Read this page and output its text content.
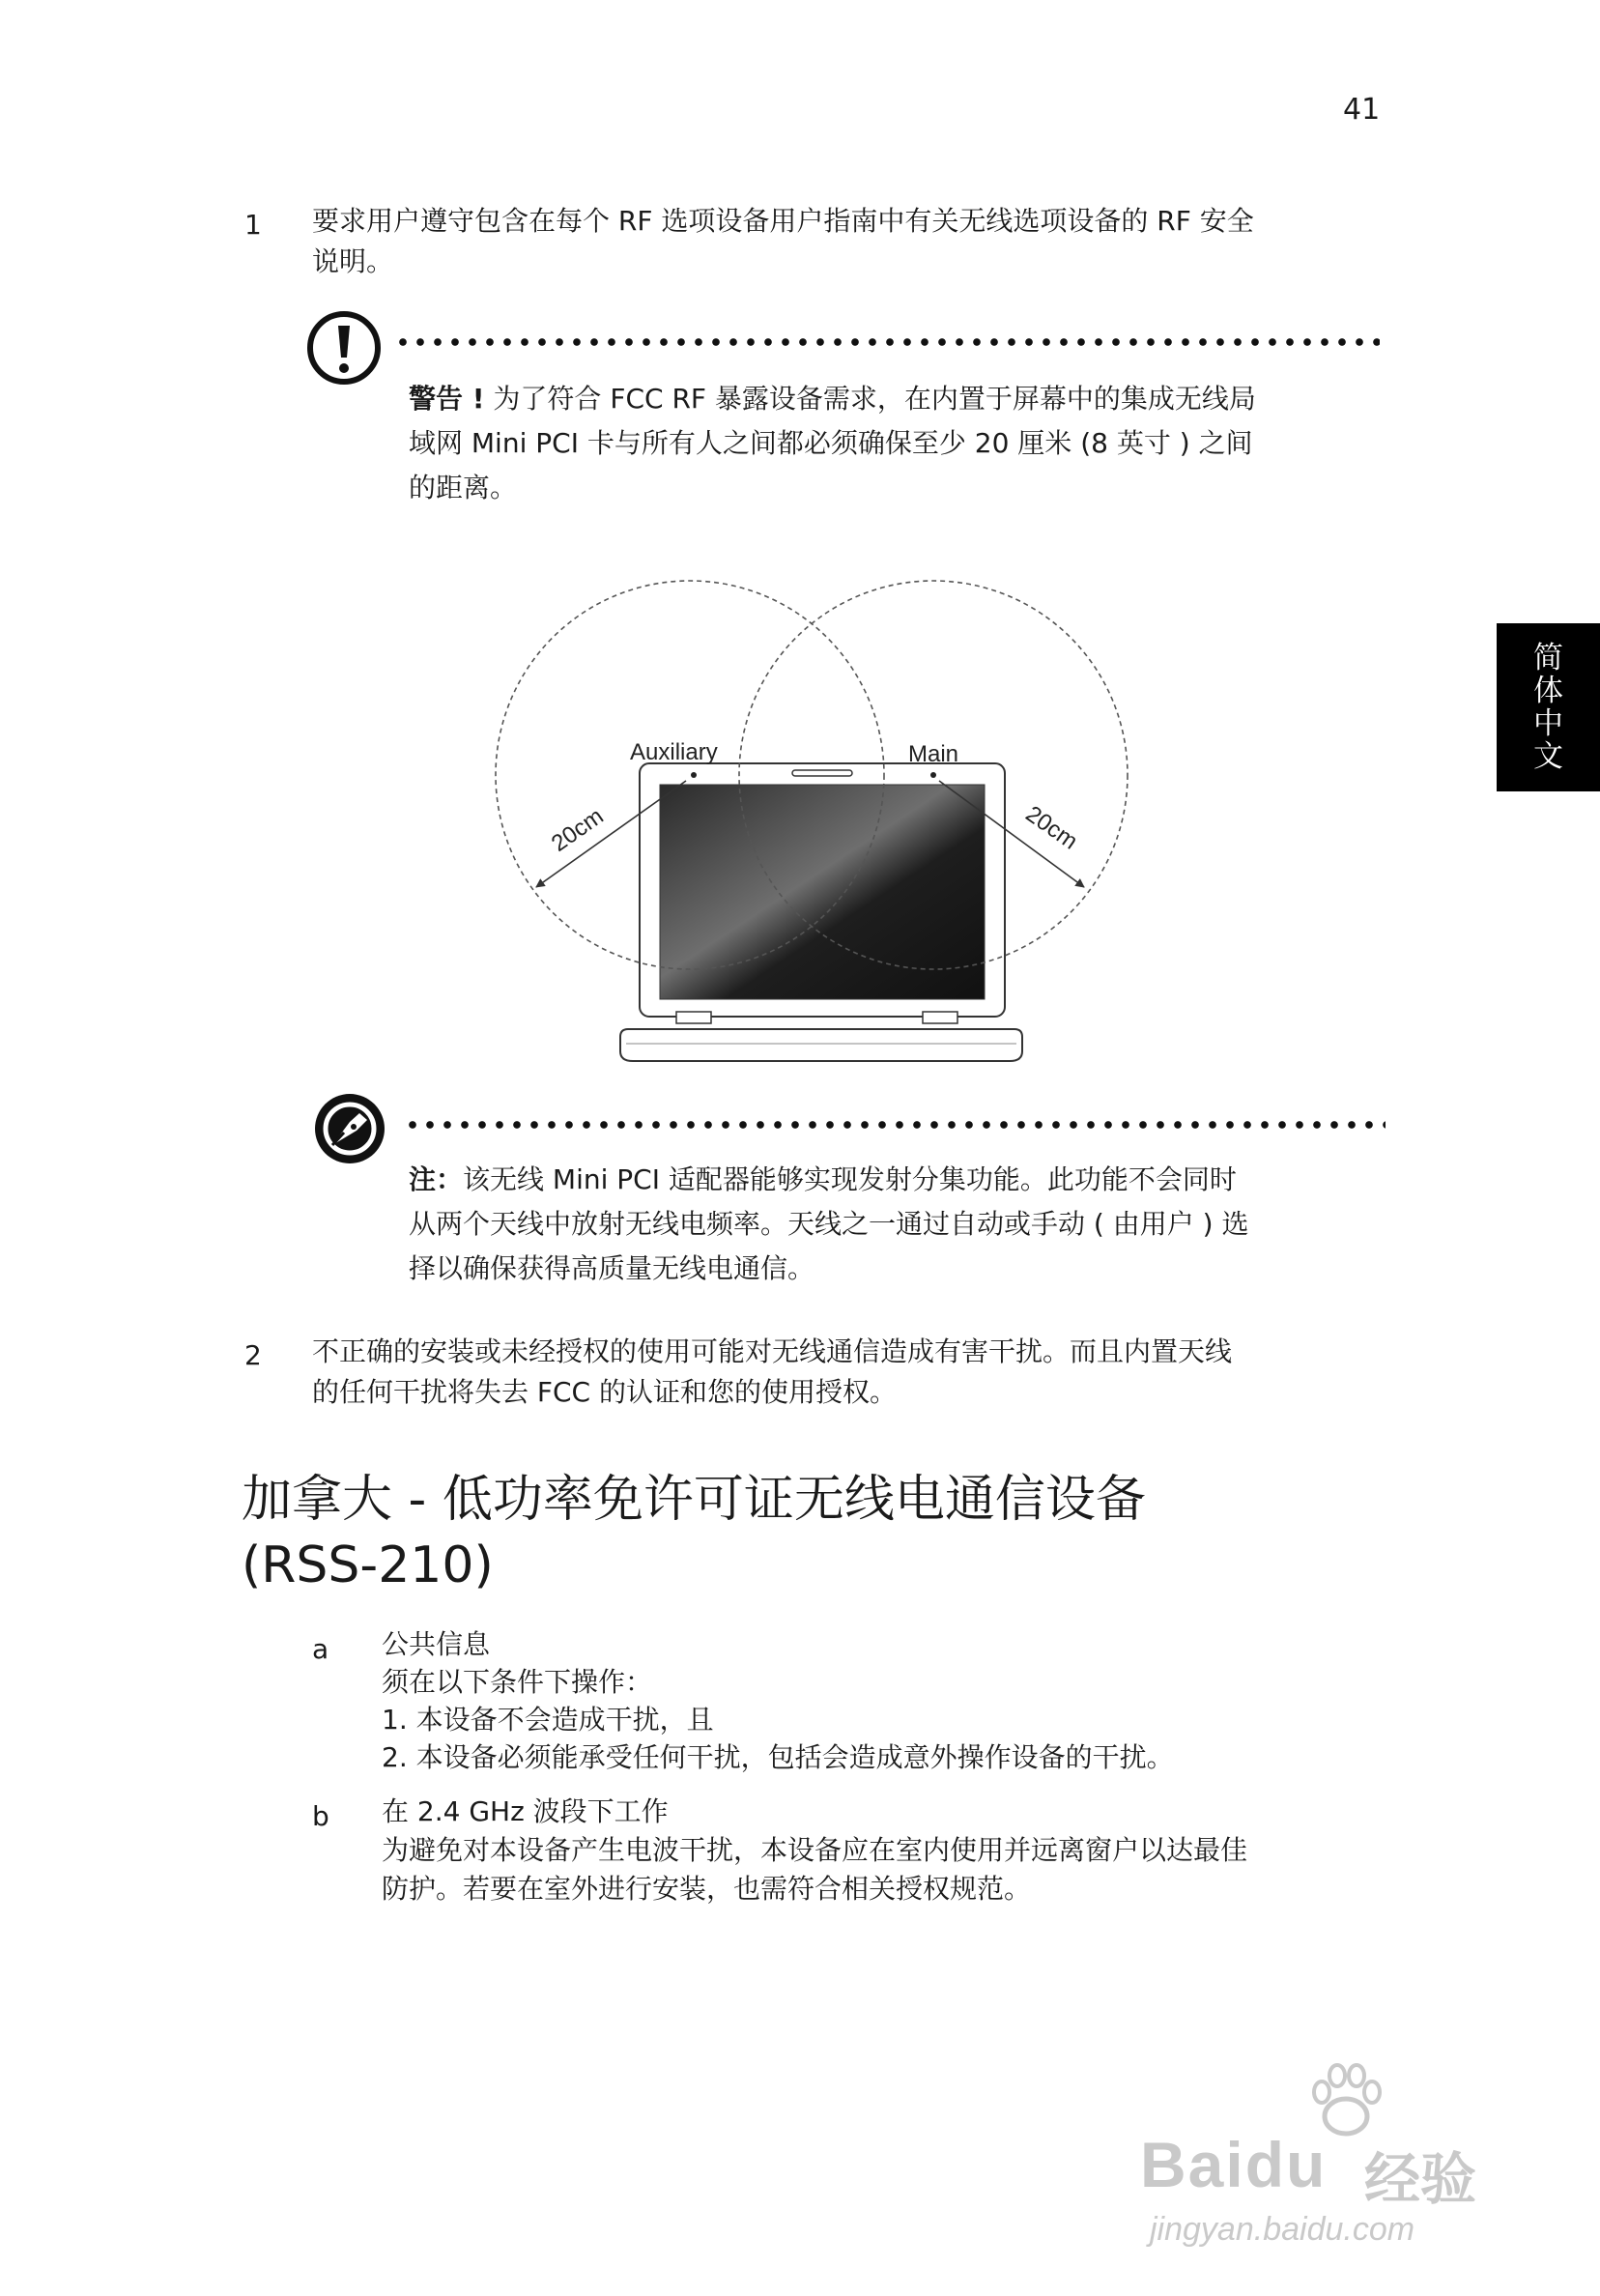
41
简体中文
1 要求用户遵守包含在每个 RF 选项设备用户指南中有关无线选项设备的 RF 安全
说明。
警告 ! 为了符合 FCC RF 暴露设备需求，在内置于屏幕中的集成无线局
域网 Mini PCI 卡与所有人之间都必须确保至少 20 厘米 (8 英寸 ) 之间
的距离。
Auxiliary	Main
20cm	20cm
注：该无线 Mini PCI 适配器能够实现发射分集功能。此功能不会同时
从两个天线中放射无线电频率。天线之一通过自动或手动 ( 由用户 ) 选
择以确保获得高质量无线电通信。
2 不正确的安装或未经授权的使用可能对无线通信造成有害干扰。而且内置天线
的任何干扰将失去 FCC 的认证和您的使用授权。
加拿大 - 低功率免许可证无线电通信设备
(RSS-210)
a 公共信息
须在以下条件下操作：
1. 本设备不会造成干扰，且
2. 本设备必须能承受任何干扰，包括会造成意外操作设备的干扰。
b 在 2.4 GHz 波段下工作
为避免对本设备产生电波干扰，本设备应在室内使用并远离窗户以达最佳
防护。若要在室外进行安装，也需符合相关授权规范。
Baidu 经验
jingyan.baidu.com
